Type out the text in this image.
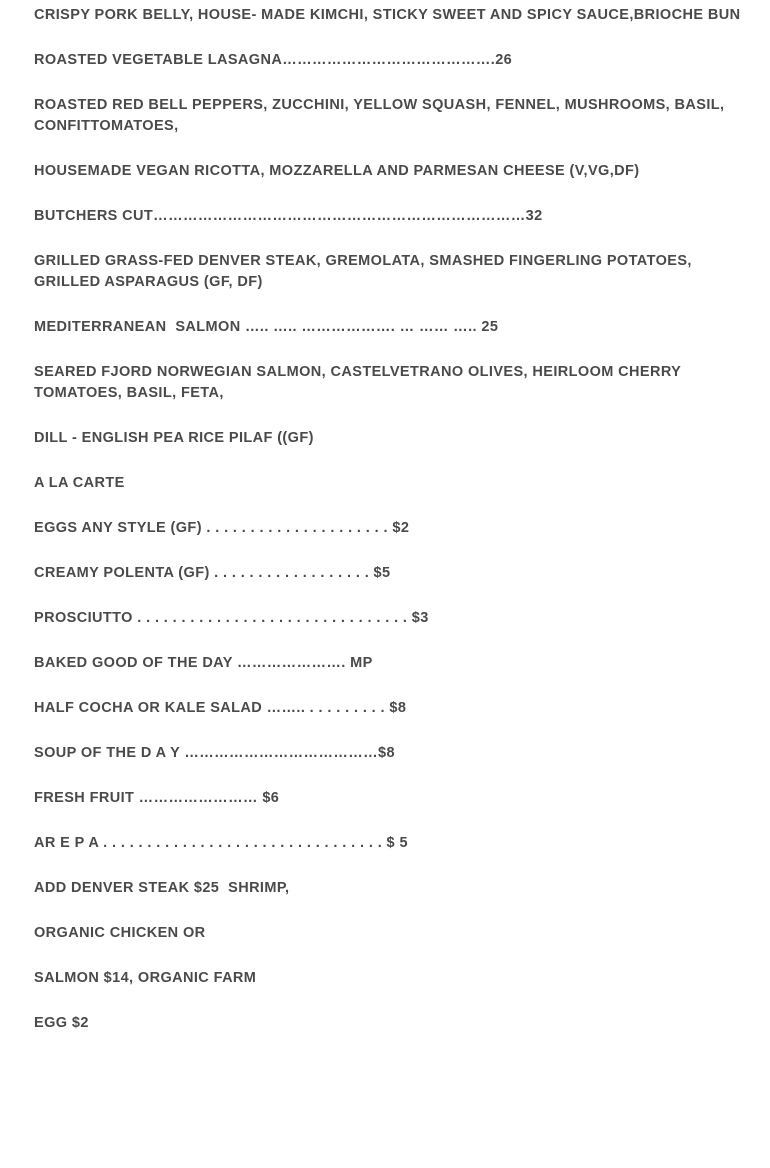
CRISPY PORK BELLY, HOUSE- MADE KIMCHI, STICKY SWEET AND SPICY SAUCE,BRIOCHE BUN

ROASTED VEGETABLE LASAGNA…………………………………….26

ROASTED RED BELL PEPPERS, ZUCCHINI, YELLOW SQUASH, FENNEL, MUSHROOMS, BASIL, CONFITTOMATOES,

HOUSEMADE VEGAN RICOTTA, MOZZARELLA AND PARMESAN CHEESE (V,VG,DF)

BUTCHERS CUT…………………………………………………………………32

GRILLED GRASS-FED DENVER STEAK, GREMOLATA, SMASHED FINGERLING POTATOES, GRILLED ASPARAGUS (GF, DF)

MEDITERRANEAN  SALMON ….. ….. ………………. … …… ….. 25

SEARED FJORD NORWEGIAN SALMON, CASTELVETRANO OLIVES, HEIRLOOM CHERRY TOMATOES, BASIL, FETA,

DILL - ENGLISH PEA RICE PILAF ((GF)

A LA CARTE

EGGS ANY STYLE (GF) . . . . . . . . . . . . . . . . . . . . . $2

CREAMY POLENTA (GF) . . . . . . . . . . . . . . . . . . $5

PROSCIUTTO . . . . . . . . . . . . . . . . . . . . . . . . . . . . . . . $3

BAKED GOOD OF THE DAY …………………. MP

HALF COCHA OR KALE SALAD …….. . . . . . . . . . $8

SOUP OF THE D A Y …………………………………$8

FRESH FRUIT …………………… $6

AR E P A . . . . . . . . . . . . . . . . . . . . . . . . . . . . . . . . $ 5

ADD DENVER STEAK $25  SHRIMP,

ORGANIC CHICKEN OR

SALMON $14, ORGANIC FARM

EGG $2
